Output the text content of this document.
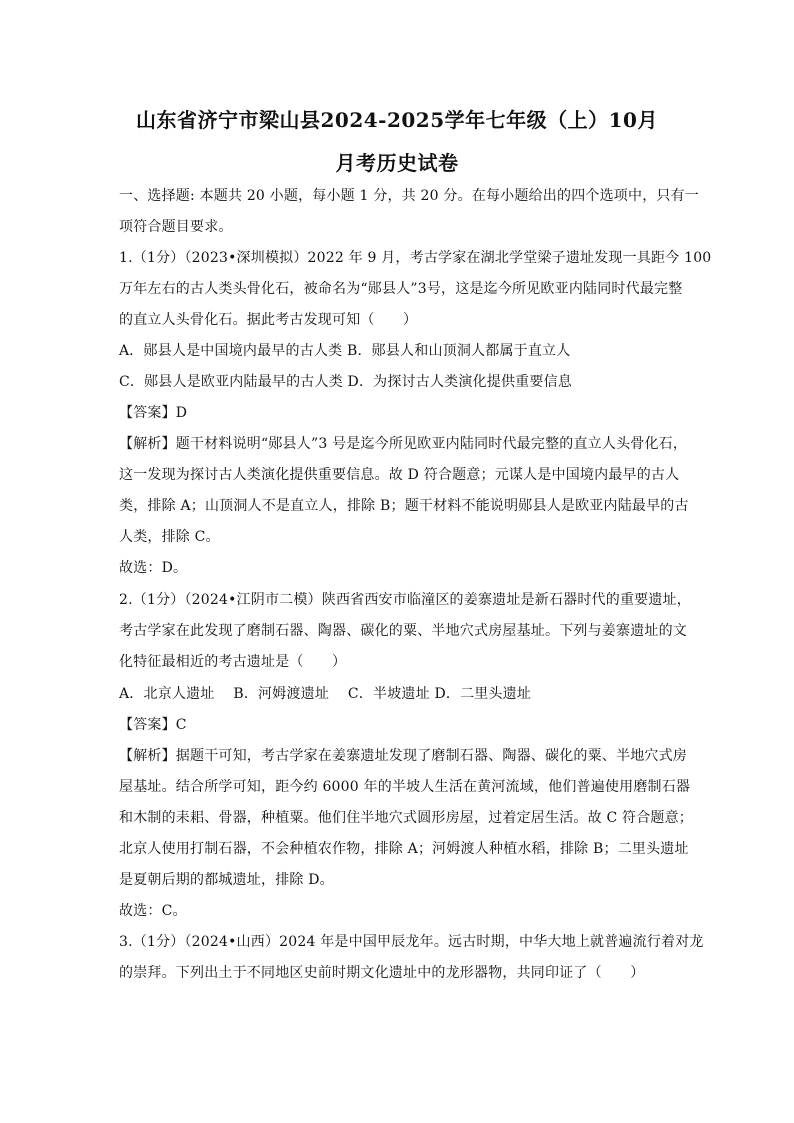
山东省济宁市梁山县2024-2025学年七年级（上）10月
月考历史试卷
一、选择题: 本题共 20 小题，每小题 1 分，共 20 分。在每小题给出的四个选项中，只有一
项符合题目要求。
1.（1分）（2023•深圳模拟）2022 年 9 月，考古学家在湖北学堂梁子遗址发现一具距今 100
万年左右的古人类头骨化石，被命名为“郧县人”3号，这是迄今所见欧亚内陆同时代最完整
的直立人头骨化石。据此考古发现可知（　　）
A．郧县人是中国境内最早的古人类 B．郧县人和山顶洞人都属于直立人
C．郧县人是欧亚内陆最早的古人类 D．为探讨古人类演化提供重要信息
【答案】D
【解析】题干材料说明“郧县人”3 号是迄今所见欧亚内陆同时代最完整的直立人头骨化石，
这一发现为探讨古人类演化提供重要信息。故 D 符合题意；元谋人是中国境内最早的古人
类，排除 A；山顶洞人不是直立人，排除 B；题干材料不能说明郧县人是欧亚内陆最早的古
人类，排除 C。
故选：D。
2.（1分）（2024•江阴市二模）陕西省西安市临潼区的姜寨遗址是新石器时代的重要遗址，
考古学家在此发现了磨制石器、陶器、碳化的粟、半地穴式房屋基址。下列与姜寨遗址的文
化特征最相近的考古遗址是（　　）
A．北京人遗址　 B．河姆渡遗址　 C．半坡遗址 D．二里头遗址
【答案】C
【解析】据题干可知，考古学家在姜寨遗址发现了磨制石器、陶器、碳化的粟、半地穴式房
屋基址。结合所学可知，距今约 6000 年的半坡人生活在黄河流域，他们普遍使用磨制石器
和木制的耒耜、骨器，种植粟。他们住半地穴式圆形房屋，过着定居生活。故 C 符合题意；
北京人使用打制石器，不会种植农作物，排除 A；河姆渡人种植水稻，排除 B；二里头遗址
是夏朝后期的都城遗址，排除 D。
故选：C。
3.（1分）（2024•山西）2024 年是中国甲辰龙年。远古时期，中华大地上就普遍流行着对龙
的崇拜。下列出土于不同地区史前时期文化遗址中的龙形器物，共同印证了（　　）
